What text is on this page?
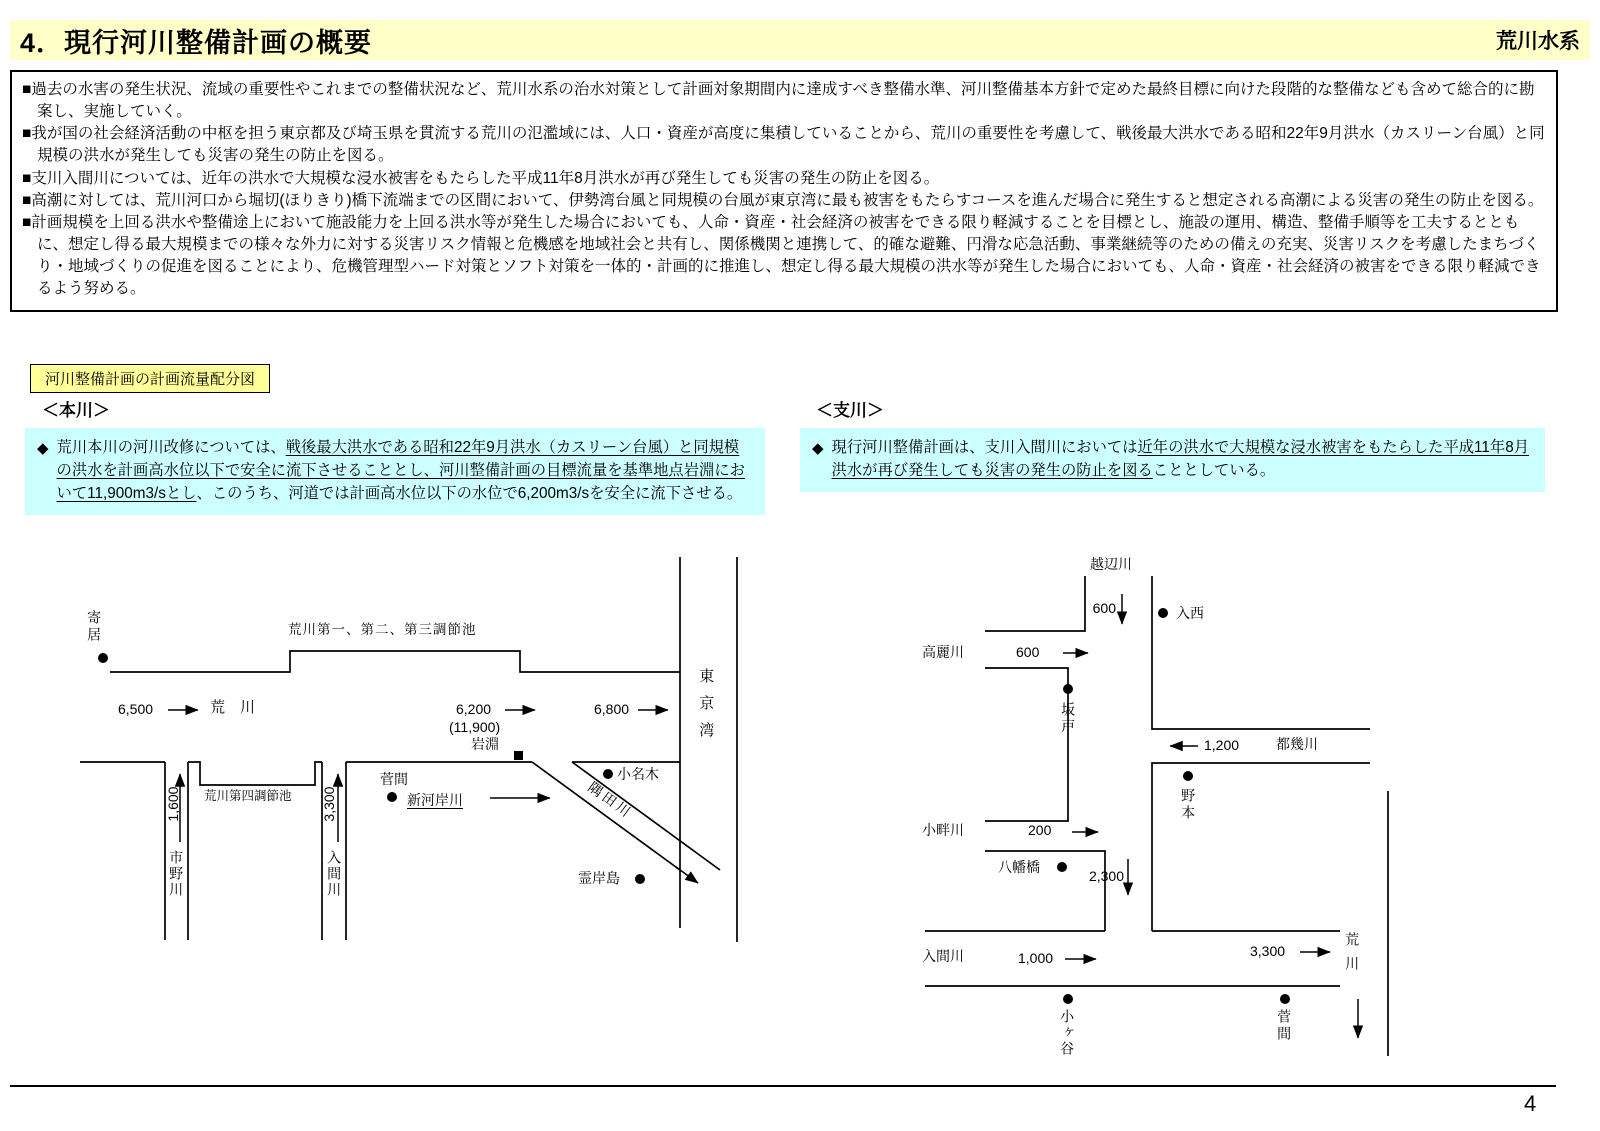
4．現行河川整備計画の概要	荒川水系

■過去の水害の発生状況、流域の重要性やこれまでの整備状況など、荒川水系の治水対策として計画対象期間内に達成すべき整備水準、河川整備基本方針で定めた最終目標に向けた段階的な整備なども含めて総合的に勘案し、実施していく。

■我が国の社会経済活動の中枢を担う東京都及び埼玉県を貫流する荒川の氾濫域には、人口・資産が高度に集積していることから、荒川の重要性を考慮して、戦後最大洪水である昭和22年9月洪水（カスリーン台風）と同規模の洪水が発生しても災害の発生の防止を図る。

■支川入間川については、近年の洪水で大規模な浸水被害をもたらした平成11年8月洪水が再び発生しても災害の発生の防止を図る。

■高潮に対しては、荒川河口から堀切(ほりきり)橋下流端までの区間において、伊勢湾台風と同規模の台風が東京湾に最も被害をもたらすコースを進んだ場合に発生すると想定される高潮による災害の発生の防止を図る。

■計画規模を上回る洪水や整備途上において施設能力を上回る洪水等が発生した場合においても、人命・資産・社会経済の被害をできる限り軽減することを目標とし、施設の運用、構造、整備手順等を工夫するとともに、想定し得る最大規模までの様々な外力に対する災害リスク情報と危機感を地域社会と共有し、関係機関と連携して、的確な避難、円滑な応急活動、事業継続等のための備えの充実、災害リスクを考慮したまちづくり・地域づくりの促進を図ることにより、危機管理型ハード対策とソフト対策を一体的・計画的に推進し、想定し得る最大規模の洪水等が発生した場合においても、人命・資産・社会経済の被害をできる限り軽減できるよう努める。

河川整備計画の計画流量配分図
＜本川＞	＜支川＞
◆ 荒川本川の河川改修については、戦後最大洪水である昭和22年9月洪水（カスリーン台風）と同規模の洪水を計画高水位以下で安全に流下させることとし、河川整備計画の目標流量を基準地点岩淵において11,900m3/sとし、このうち、河道では計画高水位以下の水位で6,200m3/sを安全に流下させる。
◆ 現行河川整備計画は、支川入間川においては近年の洪水で大規模な浸水被害をもたらした平成11年8月洪水が再び発生しても災害の発生の防止を図ることとしている。
寄居	荒川第一、第二、第三調節池
6,500	荒　川	6,200
(11,900)
岩淵
6,800	東京湾
荒川第四調節池
1,600
市野川
3,300
入間川
菅間
新河岸川	隅田川
小名木
霊岸島
越辺川
600	入西
高麗川	600
坂戸
1,200	都幾川
野本
小畔川	200
八幡橋
2,300
入間川	1,000	3,300	荒川
小ヶ谷	菅間
4
